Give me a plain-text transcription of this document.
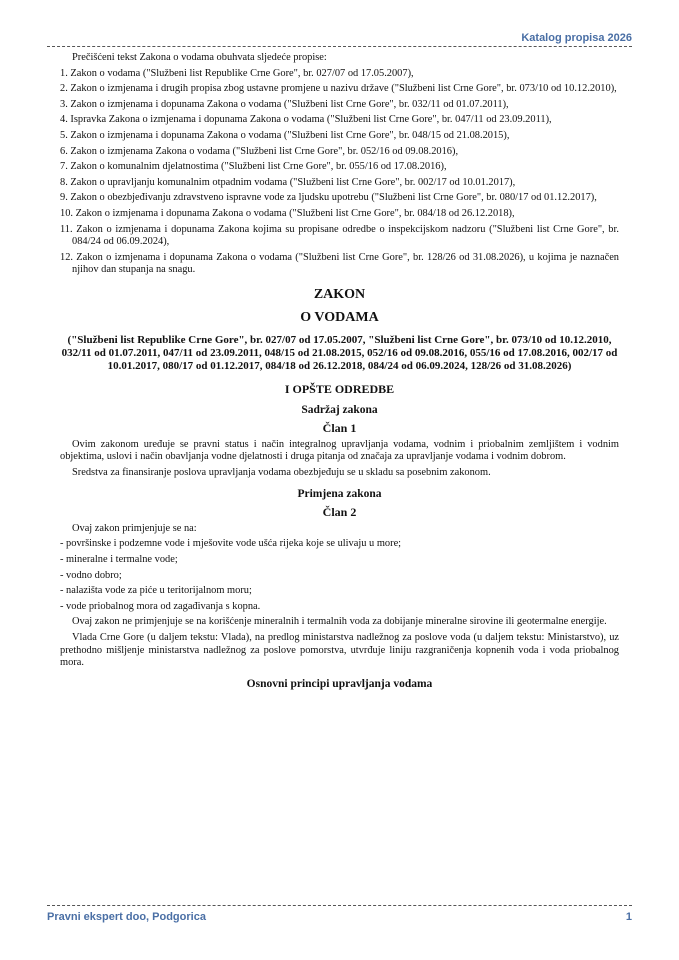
Katalog propisa 2026

Prečišćeni tekst Zakona o vodama obuhvata sljedeće propise:

1. Zakon o vodama ("Službeni list Republike Crne Gore", br. 027/07 od 17.05.2007),

2. Zakon o izmjenama i drugih propisa zbog ustavne promjene u nazivu države ("Službeni list Crne Gore", br. 073/10 od 10.12.2010),

3. Zakon o izmjenama i dopunama Zakona o vodama ("Službeni list Crne Gore", br. 032/11 od 01.07.2011),

4. Ispravka Zakona o izmjenama i dopunama Zakona o vodama ("Službeni list Crne Gore", br. 047/11 od 23.09.2011),

5. Zakon o izmjenama i dopunama Zakona o vodama ("Službeni list Crne Gore", br. 048/15 od 21.08.2015),

6. Zakon o izmjenama Zakona o vodama ("Službeni list Crne Gore", br. 052/16 od 09.08.2016),

7. Zakon o komunalnim djelatnostima ("Službeni list Crne Gore", br. 055/16 od 17.08.2016),

8. Zakon o upravljanju komunalnim otpadnim vodama ("Službeni list Crne Gore", br. 002/17 od 10.01.2017),

9. Zakon o obezbjeđivanju zdravstveno ispravne vode za ljudsku upotrebu ("Službeni list Crne Gore", br. 080/17 od 01.12.2017),

10. Zakon o izmjenama i dopunama Zakona o vodama ("Službeni list Crne Gore", br. 084/18 od 26.12.2018),

11. Zakon o izmjenama i dopunama Zakona kojima su propisane odredbe o inspekcijskom nadzoru ("Službeni list Crne Gore", br. 084/24 od 06.09.2024),

12. Zakon o izmjenama i dopunama Zakona o vodama ("Službeni list Crne Gore", br. 128/26 od 31.08.2026), u kojima je naznačen njihov dan stupanja na snagu.

ZAKON
O VODAMA
("Službeni list Republike Crne Gore", br. 027/07 od 17.05.2007, "Službeni list Crne Gore", br. 073/10 od 10.12.2010, 032/11 od 01.07.2011, 047/11 od 23.09.2011, 048/15 od 21.08.2015, 052/16 od 09.08.2016, 055/16 od 17.08.2016, 002/17 od 10.01.2017, 080/17 od 01.12.2017, 084/18 od 26.12.2018, 084/24 od 06.09.2024, 128/26 od 31.08.2026)
I OPŠTE ODREDBE
Sadržaj zakona
Član 1

Ovim zakonom uređuje se pravni status i način integralnog upravljanja vodama, vodnim i priobalnim zemljištem i vodnim objektima, uslovi i način obavljanja vodne djelatnosti i druga pitanja od značaja za upravljanje vodama i vodnim dobrom.

Sredstva za finansiranje poslova upravljanja vodama obezbjeđuju se u skladu sa posebnim zakonom.

Primjena zakona
Član 2

Ovaj zakon primjenjuje se na:

- površinske i podzemne vode i mješovite vode ušća rijeka koje se ulivaju u more;

- mineralne i termalne vode;

- vodno dobro;

- nalazišta vode za piće u teritorijalnom moru;

- vode priobalnog mora od zagađivanja s kopna.

Ovaj zakon ne primjenjuje se na korišćenje mineralnih i termalnih voda za dobijanje mineralne sirovine ili geotermalne energije.

Vlada Crne Gore (u daljem tekstu: Vlada), na predlog ministarstva nadležnog za poslove voda (u daljem tekstu: Ministarstvo), uz prethodno mišljenje ministarstva nadležnog za poslove pomorstva, utvrđuje liniju razgraničenja kopnenih voda i voda priobalnog mora.

Osnovni principi upravljanja vodama
Pravni ekspert doo, Podgorica	1
